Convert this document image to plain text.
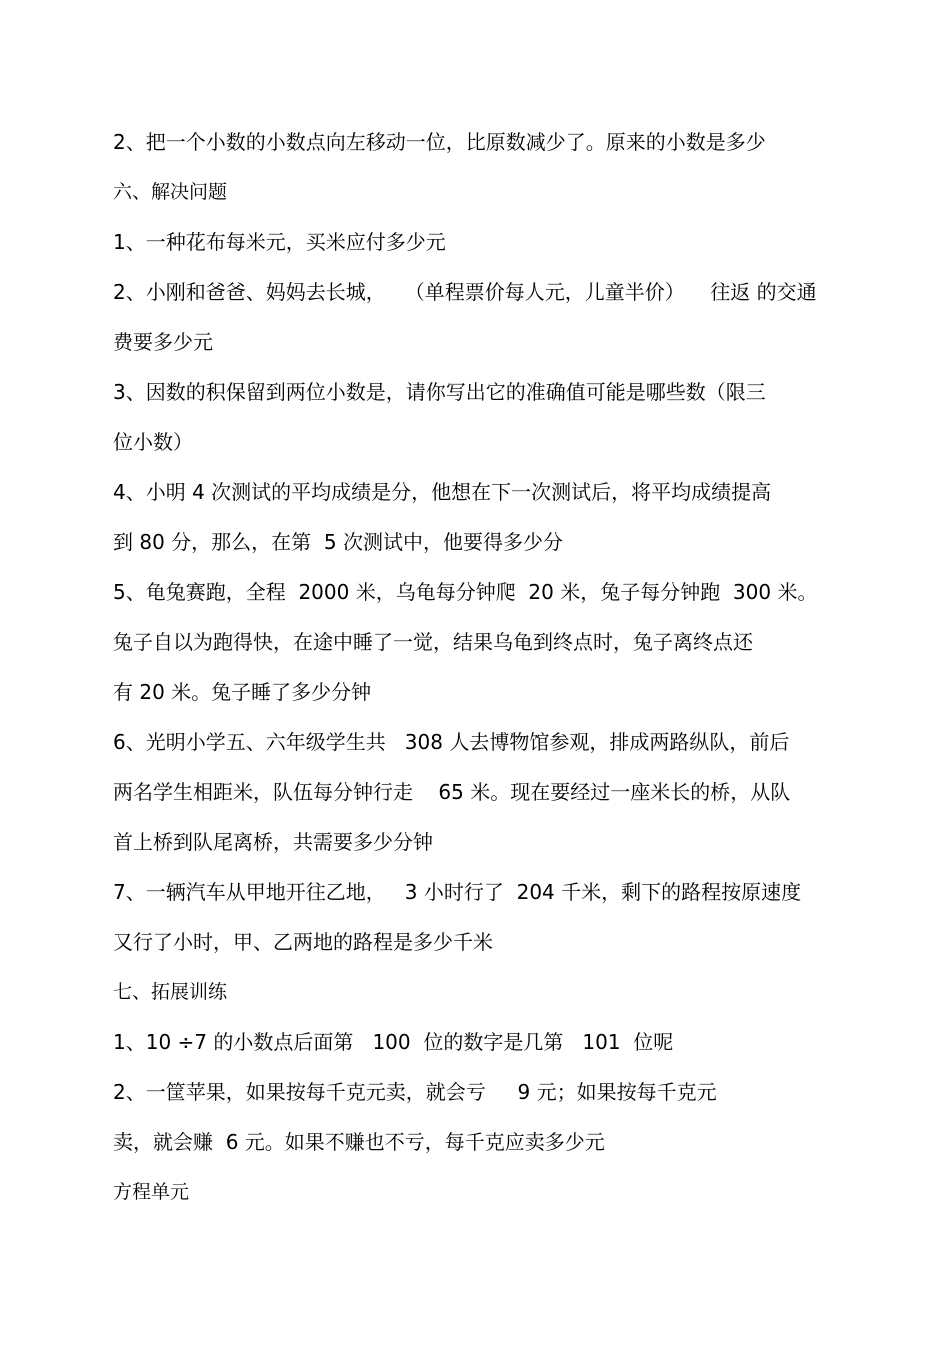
2、把一个小数的小数点向左移动一位，比原数减少了。原来的小数是多少
六、解决问题
1、一种花布每米元，买米应付多少元
2、小刚和爸爸、妈妈去长城，   （单程票价每人元，儿童半价）    往返 的交通
费要多少元
3、因数的积保留到两位小数是，请你写出它的准确值可能是哪些数（限三
位小数）
4、小明 4 次测试的平均成绩是分，他想在下一次测试后，将平均成绩提高
到 80 分，那么，在第  5 次测试中，他要得多少分
5、龟兔赛跑，全程  2000 米，乌龟每分钟爬  20 米，兔子每分钟跑  300 米。
兔子自以为跑得快，在途中睡了一觉，结果乌龟到终点时，兔子离终点还
有 20 米。兔子睡了多少分钟
6、光明小学五、六年级学生共   308 人去博物馆参观，排成两路纵队，前后
两名学生相距米，队伍每分钟行走    65 米。现在要经过一座米长的桥，从队
首上桥到队尾离桥，共需要多少分钟
7、一辆汽车从甲地开往乙地，   3 小时行了  204 千米，剩下的路程按原速度
又行了小时，甲、乙两地的路程是多少千米
七、拓展训练
1、10 ÷7 的小数点后面第   100  位的数字是几第   101  位呢
2、一筐苹果，如果按每千克元卖，就会亏     9 元；如果按每千克元
卖，就会赚  6 元。如果不赚也不亏，每千克应卖多少元
方程单元
